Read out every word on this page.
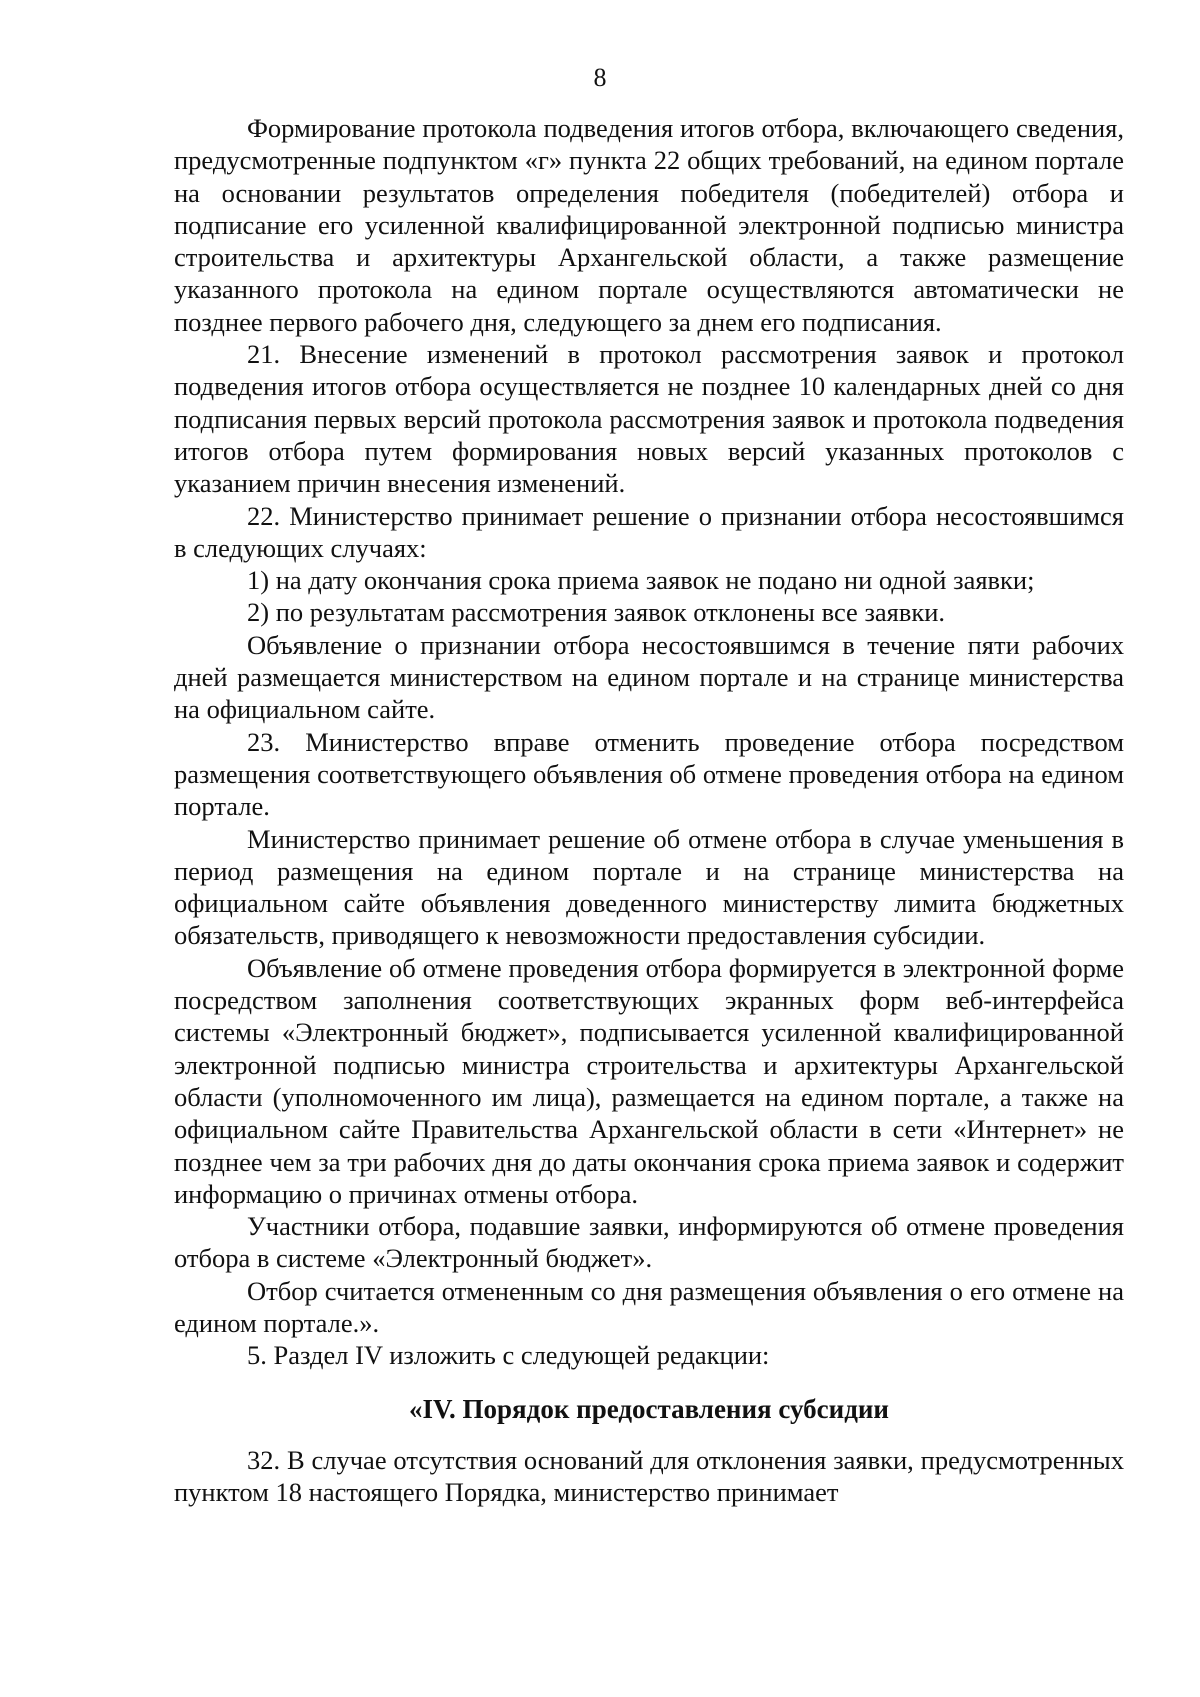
8

Формирование протокола подведения итогов отбора, включающего сведения, предусмотренные подпунктом «г» пункта 22 общих требований, на едином портале на основании результатов определения победителя (победителей) отбора и подписание его усиленной квалифицированной электронной подписью министра строительства и архитектуры Архангельской области, а также размещение указанного протокола на едином портале осуществляются автоматически не позднее первого рабочего дня, следующего за днем его подписания.

21. Внесение изменений в протокол рассмотрения заявок и протокол подведения итогов отбора осуществляется не позднее 10 календарных дней со дня подписания первых версий протокола рассмотрения заявок и протокола подведения итогов отбора путем формирования новых версий указанных протоколов с указанием причин внесения изменений.

22. Министерство принимает решение о признании отбора несостоявшимся в следующих случаях:

1) на дату окончания срока приема заявок не подано ни одной заявки;

2) по результатам рассмотрения заявок отклонены все заявки.

Объявление о признании отбора несостоявшимся в течение пяти рабочих дней размещается министерством на едином портале и на странице министерства на официальном сайте.

23. Министерство вправе отменить проведение отбора посредством размещения соответствующего объявления об отмене проведения отбора на едином портале.

Министерство принимает решение об отмене отбора в случае уменьшения в период размещения на едином портале и на странице министерства на официальном сайте объявления доведенного министерству лимита бюджетных обязательств, приводящего к невозможности предоставления субсидии.

Объявление об отмене проведения отбора формируется в электронной форме посредством заполнения соответствующих экранных форм веб-интерфейса системы «Электронный бюджет», подписывается усиленной квалифицированной электронной подписью министра строительства и архитектуры Архангельской области (уполномоченного им лица), размещается на едином портале, а также на официальном сайте Правительства Архангельской области в сети «Интернет» не позднее чем за три рабочих дня до даты окончания срока приема заявок и содержит информацию о причинах отмены отбора.

Участники отбора, подавшие заявки, информируются об отмене проведения отбора в системе «Электронный бюджет».

Отбор считается отмененным со дня размещения объявления о его отмене на едином портале.».

5. Раздел IV изложить с следующей редакции:

«IV. Порядок предоставления субсидии

32. В случае отсутствия оснований для отклонения заявки, предусмотренных пунктом 18 настоящего Порядка, министерство принимает
